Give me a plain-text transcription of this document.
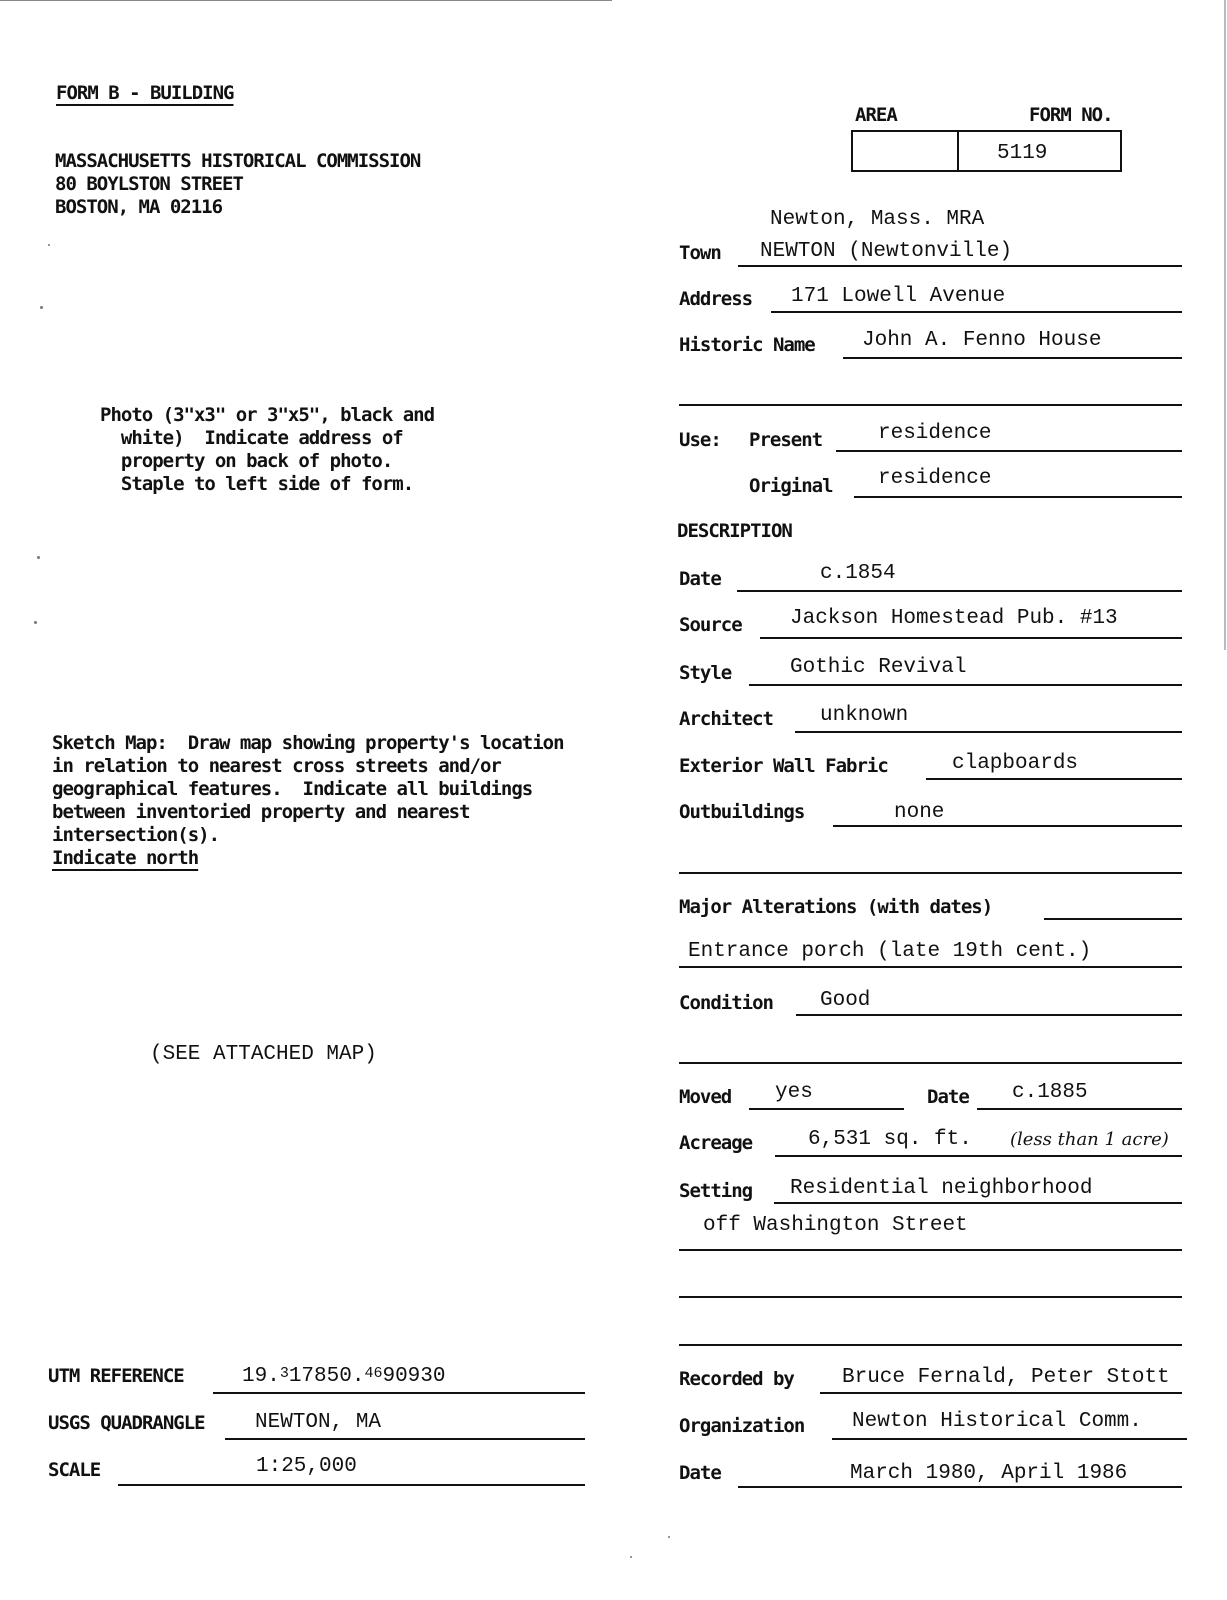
FORM B - BUILDING
MASSACHUSETTS HISTORICAL COMMISSION
80 BOYLSTON STREET
BOSTON, MA 02116
AREA	FORM NO.
5119
Newton, Mass. MRA
Photo (3"x3" or 3"x5", black and
white)  Indicate address of
property on back of photo.
Staple to left side of form.
Sketch Map:  Draw map showing property's location
in relation to nearest cross streets and/or
geographical features.  Indicate all buildings
between inventoried property and nearest
intersection(s).
Indicate north
(SEE ATTACHED MAP)
UTM REFERENCE	19.$^3$17850.4690930
USGS QUADRANGLE NEWTON, MA
SCALE	1:25,000
Town NEWTON (Newtonville)
Address 171 Lowell Avenue
Historic Name John A. Fenno House
Use: Present	residence
Original residence
DESCRIPTION
Date	c.1854
Source Jackson Homestead Pub. #13
Style	Gothic Revival
Architect unknown
Exterior Wall Fabric	clapboards
Outbuildings	none
Major Alterations (with dates)
Entrance porch (late 19th cent.)
Condition Good
Moved yes	Date c.1885
Acreage	6,531 sq. ft. (less than 1 acre)
Setting Residential neighborhood
off Washington Street
Recorded by Bruce Fernald, Peter Stott
Organization Newton Historical Comm.
Date	March 1980, April 1986
